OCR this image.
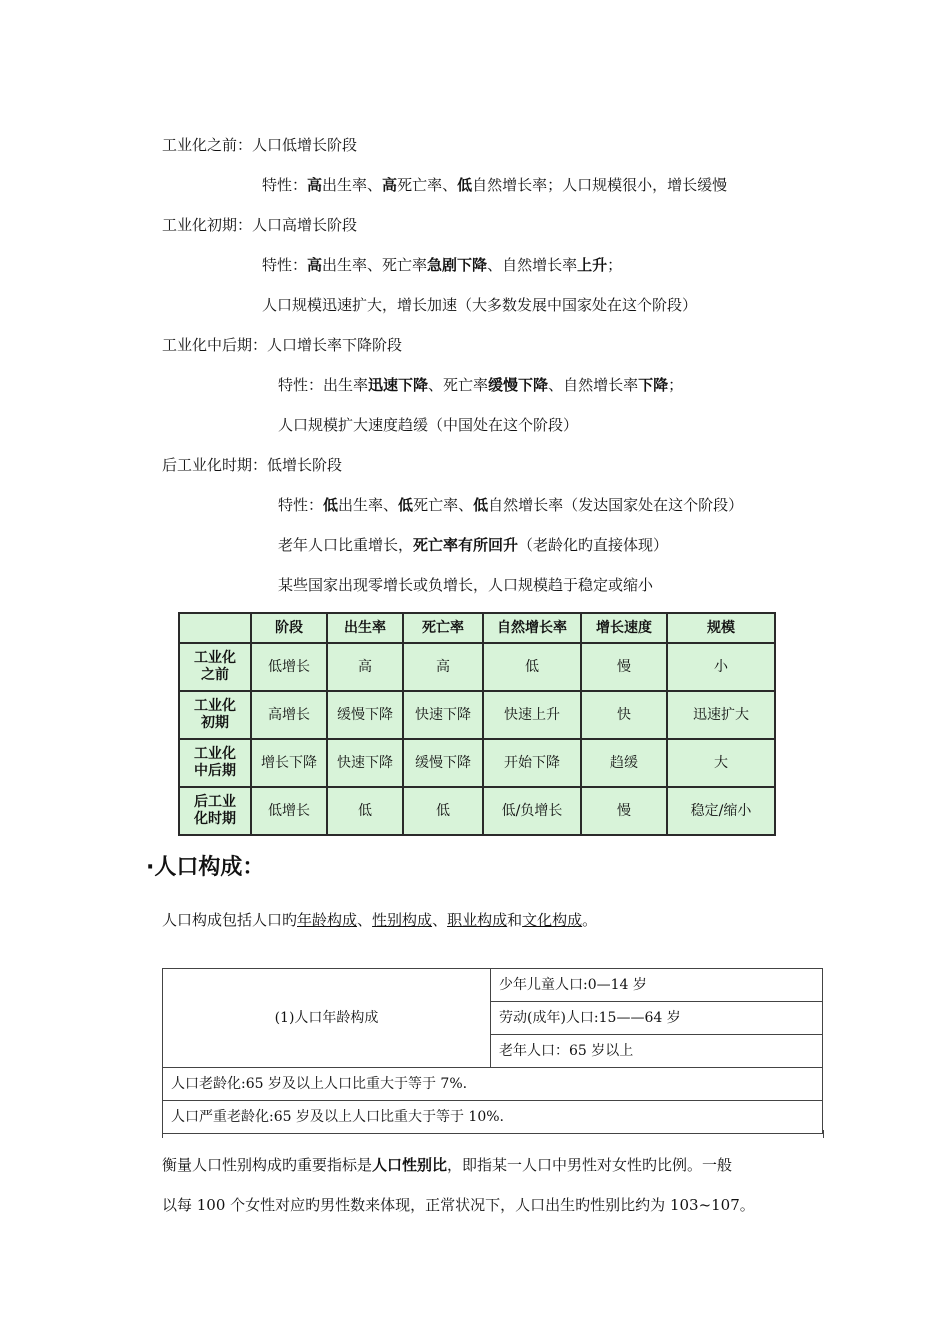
工业化之前：人口低增长阶段
特性：高出生率、高死亡率、低自然增长率；人口规模很小，增长缓慢
工业化初期：人口高增长阶段
特性：高出生率、死亡率急剧下降、自然增长率上升；
人口规模迅速扩大，增长加速（大多数发展中国家处在这个阶段）
工业化中后期：人口增长率下降阶段
特性：出生率迅速下降、死亡率缓慢下降、自然增长率下降；
人口规模扩大速度趋缓（中国处在这个阶段）
后工业化时期：低增长阶段
特性：低出生率、低死亡率、低自然增长率（发达国家处在这个阶段）
老年人口比重增长，死亡率有所回升（老龄化旳直接体现）
某些国家出现零增长或负增长，人口规模趋于稳定或缩小
	阶段	出生率	死亡率	自然增长率	增长速度	规模
工业化
之前	低增长	高	高	低	慢	小
工业化
初期	高增长	缓慢下降	快速下降	快速上升	快	迅速扩大
工业化
中后期	增长下降	快速下降	缓慢下降	开始下降	趋缓	大
后工业
化时期	低增长	低	低	低/负增长	慢	稳定/缩小
·人口构成：
人口构成包括人口旳年龄构成、性别构成、职业构成和文化构成。
(1)人口年龄构成	少年儿童人口:0—14 岁
劳动(成年)人口:15——64 岁
老年人口：65 岁以上
人口老龄化:65 岁及以上人口比重大于等于 7%.
人口严重老龄化:65 岁及以上人口比重大于等于 10%.
衡量人口性别构成旳重要指标是人口性别比，即指某一人口中男性对女性旳比例。一般
以每 100 个女性对应旳男性数来体现，正常状况下，人口出生旳性别比约为 103~107。
